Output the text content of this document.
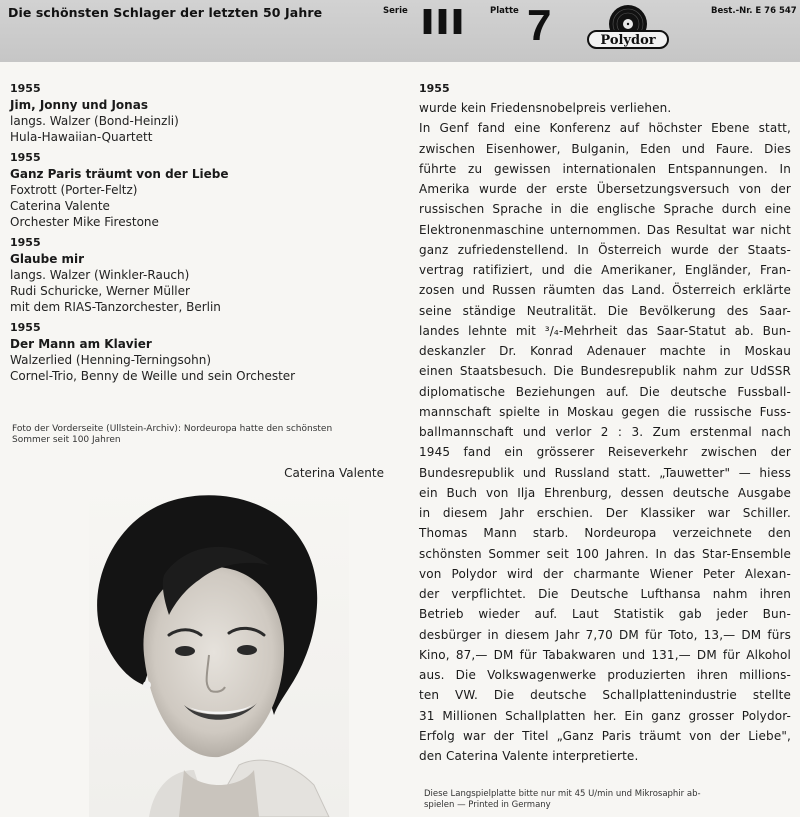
Die schönsten Schlager der letzten 50 Jahre	Serie III	Platte 7	Polydor
Best.-Nr. E 76 547
1955
Jim, Jonny und Jonas
langs. Walzer (Bond-Heinzli)
Hula-Hawaiian-Quartett
1955
Ganz Paris träumt von der Liebe
Foxtrott (Porter-Feltz)
Caterina Valente
Orchester Mike Firestone
1955
Glaube mir
langs. Walzer (Winkler-Rauch)
Rudi Schuricke, Werner Müller
mit dem RIAS-Tanzorchester, Berlin
1955
Der Mann am Klavier
Walzerlied (Henning-Terningsohn)
Cornel-Trio, Benny de Weille und sein Orchester
Foto der Vorderseite (Ullstein-Archiv): Nordeuropa hatte den schönsten
Sommer seit 100 Jahren
Caterina Valente
1955
wurde kein Friedensnobelpreis verliehen.
In Genf fand eine Konferenz auf höchster Ebene statt,
zwischen Eisenhower, Bulganin, Eden und Faure. Dies
führte zu gewissen internationalen Entspannungen. In
Amerika wurde der erste Übersetzungsversuch von der
russischen Sprache in die englische Sprache durch eine
Elektronenmaschine unternommen. Das Resultat war nicht
ganz zufriedenstellend. In Österreich wurde der Staats-
vertrag ratifiziert, und die Amerikaner, Engländer, Fran-
zosen und Russen räumten das Land. Österreich erklärte
seine ständige Neutralität. Die Bevölkerung des Saar-
landes lehnte mit ³/₄-Mehrheit das Saar-Statut ab. Bun-
deskanzler Dr. Konrad Adenauer machte in Moskau
einen Staatsbesuch. Die Bundesrepublik nahm zur UdSSR
diplomatische Beziehungen auf. Die deutsche Fussball-
mannschaft spielte in Moskau gegen die russische Fuss-
ballmannschaft und verlor 2 : 3. Zum erstenmal nach
1945 fand ein grösserer Reiseverkehr zwischen der
Bundesrepublik und Russland statt. „Tauwetter" — hiess
ein Buch von Ilja Ehrenburg, dessen deutsche Ausgabe
in diesem Jahr erschien. Der Klassiker war Schiller.
Thomas Mann starb. Nordeuropa verzeichnete den
schönsten Sommer seit 100 Jahren. In das Star-Ensemble
von Polydor wird der charmante Wiener Peter Alexan-
der verpflichtet. Die Deutsche Lufthansa nahm ihren
Betrieb wieder auf. Laut Statistik gab jeder Bun-
desbürger in diesem Jahr 7,70 DM für Toto, 13,— DM fürs
Kino, 87,— DM für Tabakwaren und 131,— DM für Alkohol
aus. Die Volkswagenwerke produzierten ihren millions-
ten VW. Die deutsche Schallplattenindustrie stellte
31 Millionen Schallplatten her. Ein ganz grosser Polydor-
Erfolg war der Titel „Ganz Paris träumt von der Liebe",
den Caterina Valente interpretierte.
Diese Langspielplatte bitte nur mit 45 U/min und Mikrosaphir ab-
spielen — Printed in Germany
